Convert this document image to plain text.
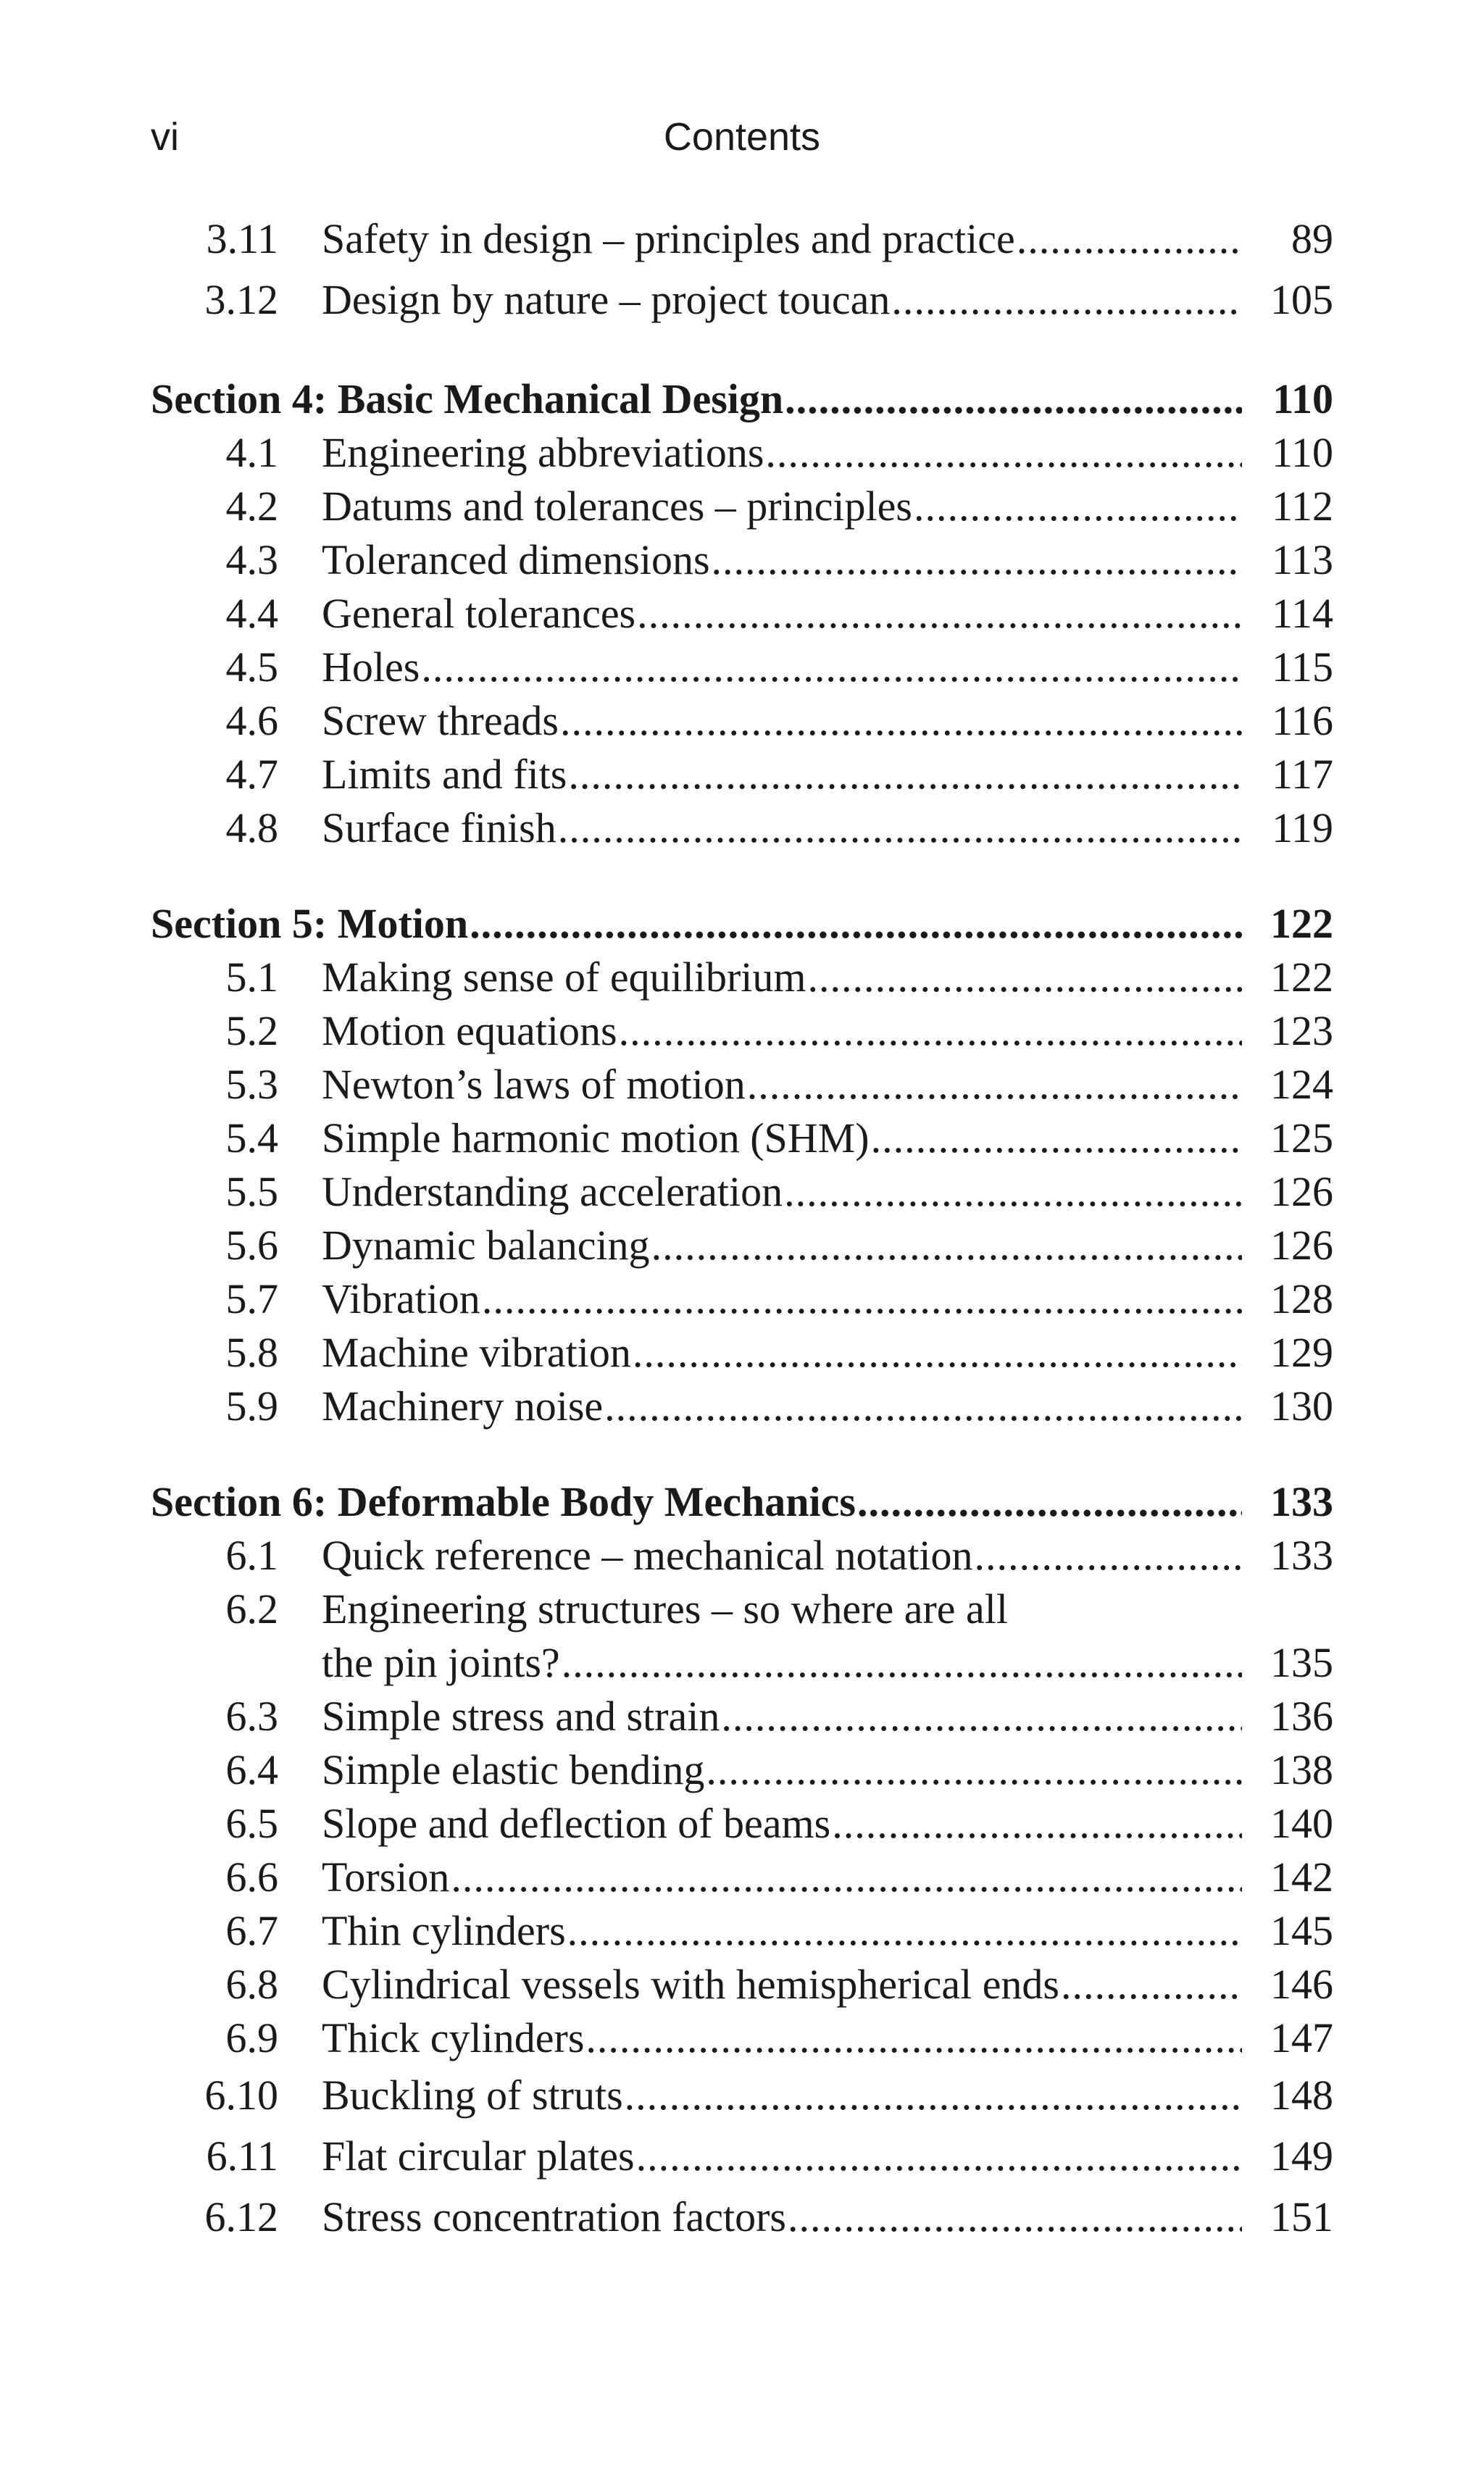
vi	Contents
3.11 Safety in design – principles and practice .....	89
3.12 Design by nature – project toucan .....	105
Section 4: Basic Mechanical Design .....	110
4.1 Engineering abbreviations .....	110
4.2 Datums and tolerances – principles .....	112
4.3 Toleranced dimensions .....	113
4.4 General tolerances .....	114
4.5 Holes .....	115
4.6 Screw threads .....	116
4.7 Limits and fits .....	117
4.8 Surface finish .....	119
Section 5: Motion .....	122
5.1 Making sense of equilibrium .....	122
5.2 Motion equations .....	123
5.3 Newton’s laws of motion .....	124
5.4 Simple harmonic motion (SHM) .....	125
5.5 Understanding acceleration .....	126
5.6 Dynamic balancing .....	126
5.7 Vibration .....	128
5.8 Machine vibration .....	129
5.9 Machinery noise .....	130
Section 6: Deformable Body Mechanics .....	133
6.1 Quick reference – mechanical notation .....	133
6.2 Engineering structures – so where are all
the pin joints? .....	135
6.3 Simple stress and strain .....	136
6.4 Simple elastic bending .....	138
6.5 Slope and deflection of beams .....	140
6.6 Torsion .....	142
6.7 Thin cylinders .....	145
6.8 Cylindrical vessels with hemispherical ends .....	146
6.9 Thick cylinders .....	147
6.10 Buckling of struts .....	148
6.11 Flat circular plates .....	149
6.12 Stress concentration factors .....	151
